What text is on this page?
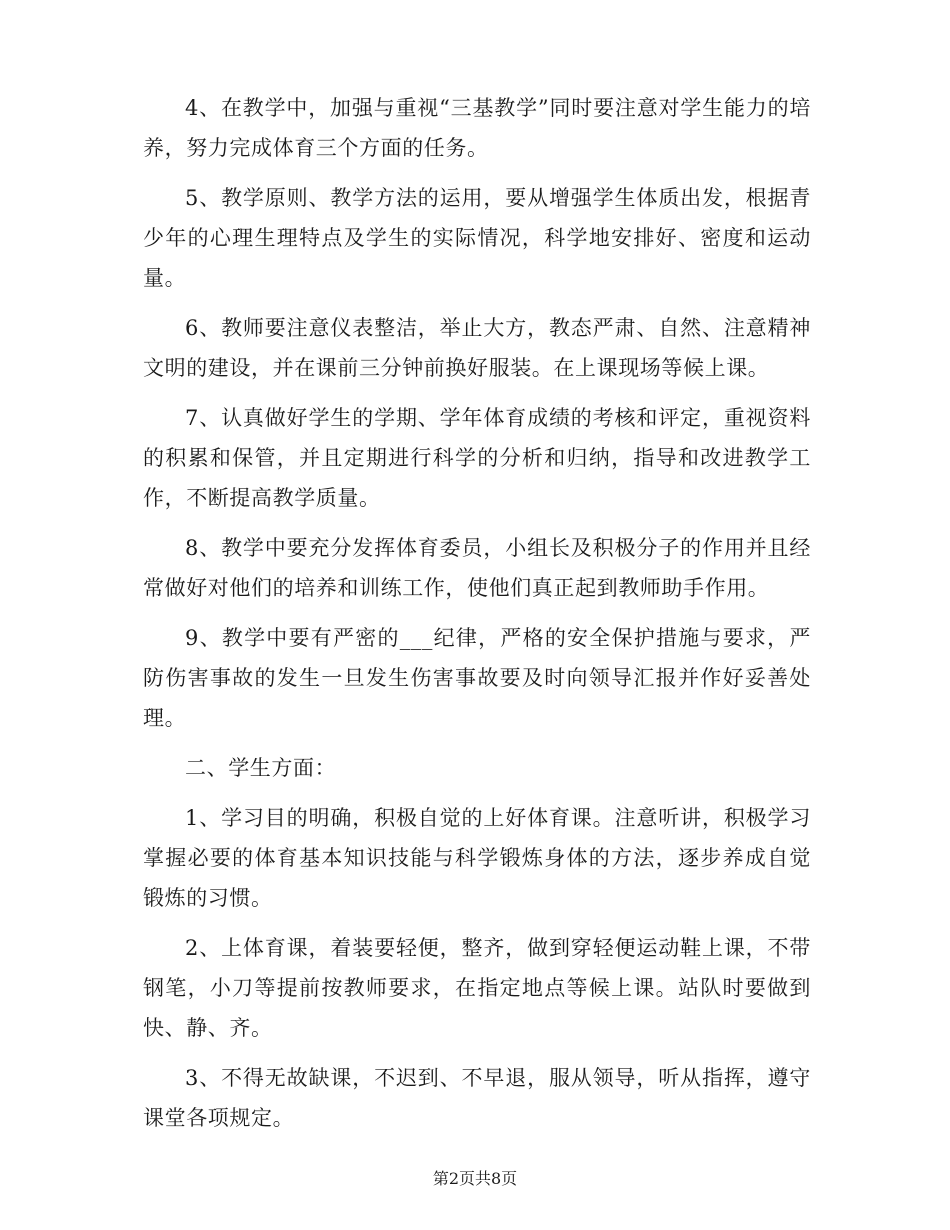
4、在教学中，加强与重视“三基教学”同时要注意对学生能力的培养，努力完成体育三个方面的任务。

5、教学原则、教学方法的运用，要从增强学生体质出发，根据青少年的心理生理特点及学生的实际情况，科学地安排好、密度和运动量。

6、教师要注意仪表整洁，举止大方，教态严肃、自然、注意精神文明的建设，并在课前三分钟前换好服装。在上课现场等候上课。

7、认真做好学生的学期、学年体育成绩的考核和评定，重视资料的积累和保管，并且定期进行科学的分析和归纳，指导和改进教学工作，不断提高教学质量。

8、教学中要充分发挥体育委员，小组长及积极分子的作用并且经常做好对他们的培养和训练工作，使他们真正起到教师助手作用。

9、教学中要有严密的___纪律，严格的安全保护措施与要求，严防伤害事故的发生一旦发生伤害事故要及时向领导汇报并作好妥善处理。

二、学生方面：

1、学习目的明确，积极自觉的上好体育课。注意听讲，积极学习掌握必要的体育基本知识技能与科学锻炼身体的方法，逐步养成自觉锻炼的习惯。

2、上体育课，着装要轻便，整齐，做到穿轻便运动鞋上课，不带钢笔，小刀等提前按教师要求，在指定地点等候上课。站队时要做到快、静、齐。

3、不得无故缺课，不迟到、不早退，服从领导，听从指挥，遵守课堂各项规定。

第2页共8页
